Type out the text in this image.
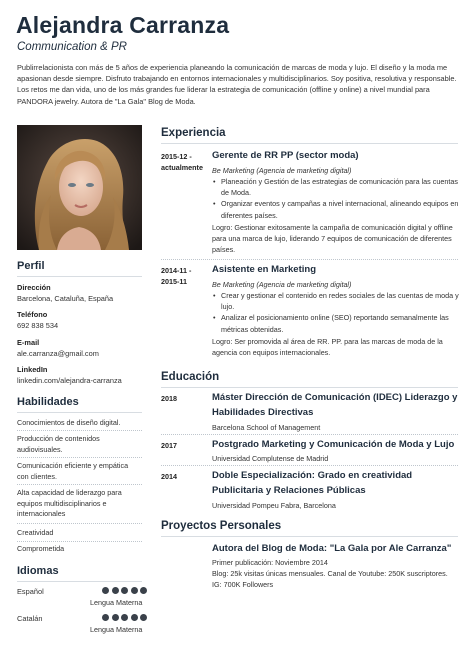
Alejandra Carranza
Communication & PR
Publirrelacionista con más de 5 años de experiencia planeando la comunicación de marcas de moda y lujo. El diseño y la moda me apasionan desde siempre. Disfruto trabajando en entornos internacionales y multidisciplinarios. Soy positiva, resolutiva y responsable. Los retos me dan vida, uno de los más grandes fue liderar la estrategia de comunicación (offline y online) a nivel mundial para PANDORA jewelry. Autora de "La Gala" Blog de Moda.
Perfil
Dirección
Barcelona, Cataluña, España
Teléfono
692 838 534
E-mail
ale.carranza@gmail.com
LinkedIn
linkedin.com/alejandra-carranza
Habilidades
Conocimientos de diseño digital.
Producción de contenidos audiovisuales.
Comunicación eficiente y empática con clientes.
Alta capacidad de liderazgo para equipos multidisciplinarios e internacionales
Creatividad
Comprometida
Idiomas
Español
Lengua Materna
Catalán
Lengua Materna
Experiencia
2015-12 - actualmente
Gerente de RR PP (sector moda)
Be Marketing (Agencia de marketing digital)
• Planeación y Gestión de las estrategias de comunicación para las cuentas de Moda.
• Organizar eventos y campañas a nivel internacional, alineando equipos en diferentes países.
Logro: Gestionar exitosamente la campaña de comunicación digital y offline para una marca de lujo, liderando 7 equipos de comunicación de diferentes países.
2014-11 - 2015-11
Asistente en Marketing
Be Marketing (Agencia de marketing digital)
• Crear y gestionar el contenido en redes sociales de las cuentas de moda y lujo.
• Analizar el posicionamiento online (SEO) reportando semanalmente las métricas obtenidas.
Logro: Ser promovida al área de RR. PP. para las marcas de moda de la agencia con equipos internacionales.
Educación
2018	Máster Dirección de Comunicación (IDEC) Liderazgo y Habilidades Directivas
Barcelona School of Management
2017	Postgrado Marketing y Comunicación de Moda y Lujo
Universidad Complutense de Madrid
2014	Doble Especialización: Grado en creatividad Publicitaria y Relaciones Públicas
Universidad Pompeu Fabra, Barcelona
Proyectos Personales
Autora del Blog de Moda: "La Gala por Ale Carranza"
Primer publicación: Noviembre 2014
Blog: 25k visitas únicas mensuales. Canal de Youtube: 250K suscriptores.
IG: 700K Followers
